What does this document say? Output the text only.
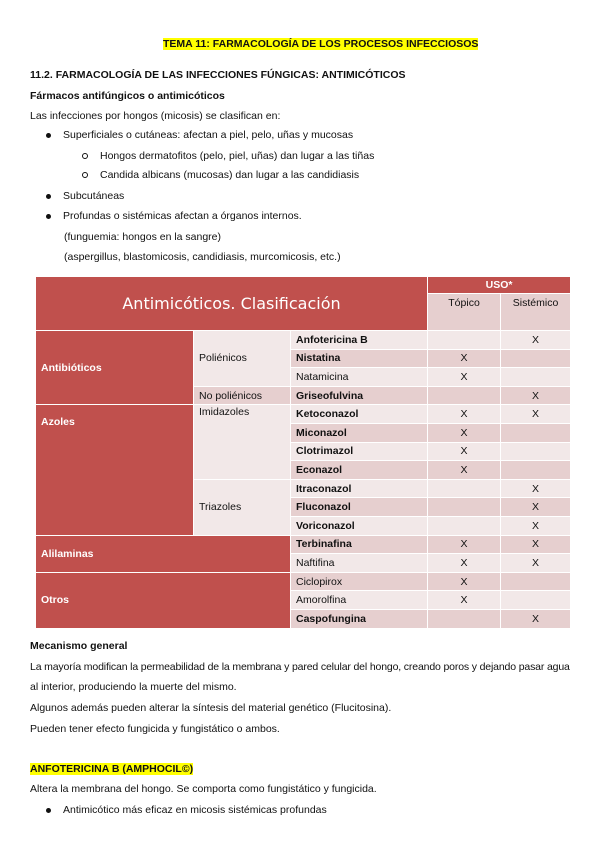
TEMA 11: FARMACOLOGÍA DE LOS PROCESOS INFECCIOSOS
11.2. FARMACOLOGÍA DE LAS INFECCIONES FÚNGICAS: ANTIMICÓTICOS
Fármacos antifúngicos o antimicóticos
Las infecciones por hongos (micosis) se clasifican en:
Superficiales o cutáneas: afectan a piel, pelo, uñas y mucosas
Hongos dermatofitos (pelo, piel, uñas) dan lugar a las tiñas
Candida albicans (mucosas) dan lugar a las candidiasis
Subcutáneas
Profundas o sistémicas afectan a órganos internos.
(funguemia: hongos en la sangre)
(aspergillus, blastomicosis, candidiasis, murcomicosis, etc.)
Antimicóticos. Clasificación			USO*	
			Tópico	Sistémico
Antibióticos	Poliénicos	Anfotericina B		X
		Nistatina	X	
		Natamicina	X	
	No poliénicos	Griseofulvina		X
Azoles	Imidazoles	Ketoconazol	X	X
		Miconazol	X	
		Clotrimazol	X	
		Econazol	X	
	Triazoles	Itraconazol		X
		Fluconazol		X
		Voriconazol		X
Alilaminas		Terbinafina	X	X
		Naftifina	X	X
Otros		Ciclopirox	X	
		Amorolfina	X	
		Caspofungina		X
Mecanismo general
La mayoría modifican la permeabilidad de la membrana y pared celular del hongo, creando poros y dejando pasar agua
al interior, produciendo la muerte del mismo.
Algunos además pueden alterar la síntesis del material genético (Flucitosina).
Pueden tener efecto fungicida y fungistático o ambos.
ANFOTERICINA B (AMPHOCIL©)
Altera la membrana del hongo. Se comporta como fungistático y fungicida.
Antimicótico más eficaz en micosis sistémicas profundas
